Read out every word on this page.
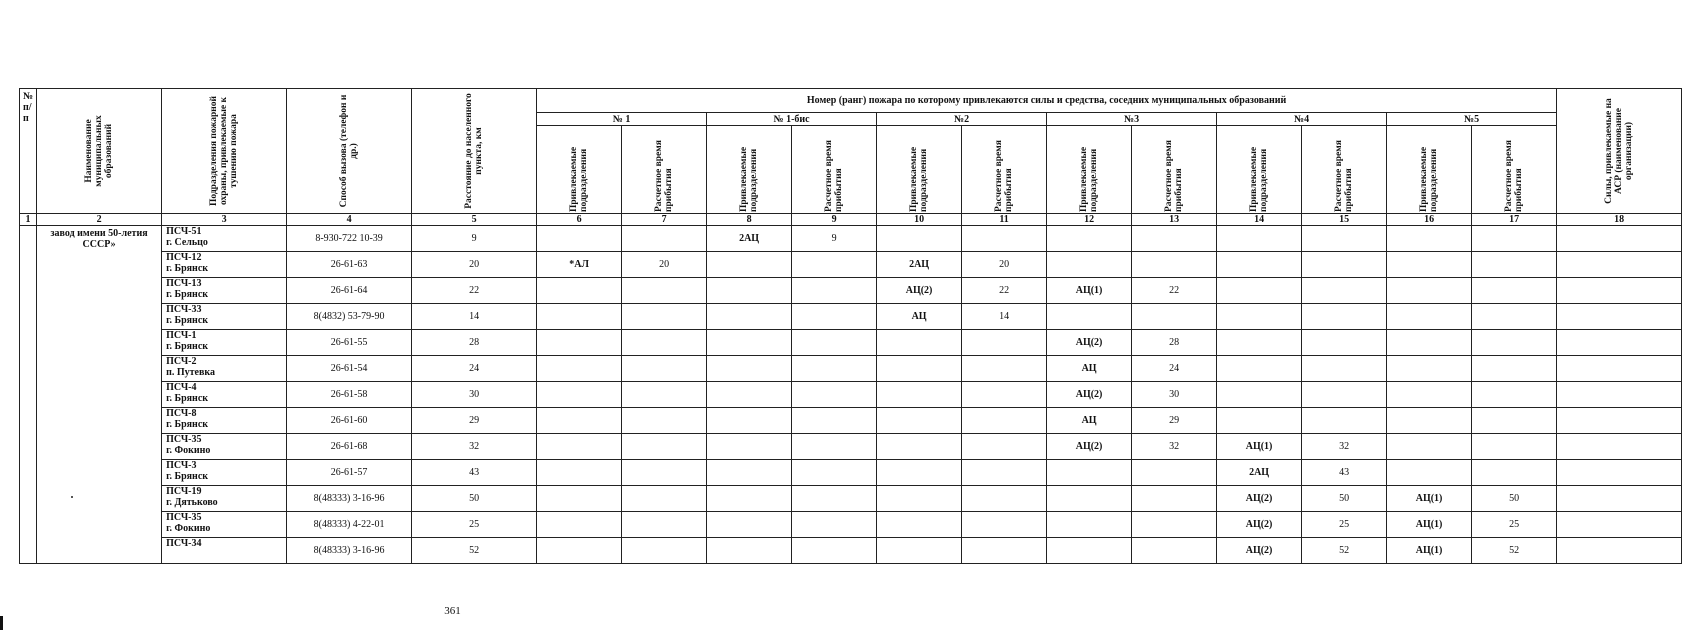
№ п/п	Наименование муниципальных образований	Подразделения пожарной охраны, привлекаемые к тушению пожара	Способ вызова (телефон и др.)	Расстояние до населенного пункта, км	Номер (ранг) пожара по которому привлекаются силы и средства, соседних муниципальных образований												Силы, привлекаемые на АСР (наименование организации)

					№ 1		№ 1-бис		№2		№3		№4		№5		

					Привлекаемые подразделения	Расчетное время прибытия	Привлекаемые подразделения	Расчетное время прибытия	Привлекаемые подразделения	Расчетное время прибытия	Привлекаемые подразделения	Расчетное время прибытия	Привлекаемые подразделения	Расчетное время прибытия	Привлекаемые подразделения	Расчетное время прибытия	

1	2	3	4	5	6	7	8	9	10	11	12	13	14	15	16	17	18
	завод имени 50-летия СССР»	ПСЧ-51
г. Сельцо	8-930-722 10-39	9			2АЦ	9									

		ПСЧ-12
г. Брянск	26-61-63	20	*АЛ	20			2АЦ	20							

		ПСЧ-13
г. Брянск	26-61-64	22					АЦ(2)	22	АЦ(1)	22					

		ПСЧ-33
г. Брянск	8(4832) 53-79-90	14					АЦ	14							

		ПСЧ-1
г. Брянск	26-61-55	28							АЦ(2)	28					

		ПСЧ-2
п. Путевка	26-61-54	24							АЦ	24					

		ПСЧ-4
г. Брянск	26-61-58	30							АЦ(2)	30					

		ПСЧ-8
г. Брянск	26-61-60	29							АЦ	29					

		ПСЧ-35
г. Фокино	26-61-68	32							АЦ(2)	32	АЦ(1)	32			

		ПСЧ-3
г. Брянск	26-61-57	43									2АЦ	43			

		ПСЧ-19
г. Дятьково	8(48333) 3-16-96	50									АЦ(2)	50	АЦ(1)	50	

		ПСЧ-35
г. Фокино	8(48333) 4-22-01	25									АЦ(2)	25	АЦ(1)	25	

		ПСЧ-34	8(48333) 3-16-96	52									АЦ(2)	52	АЦ(1)	52	
361
